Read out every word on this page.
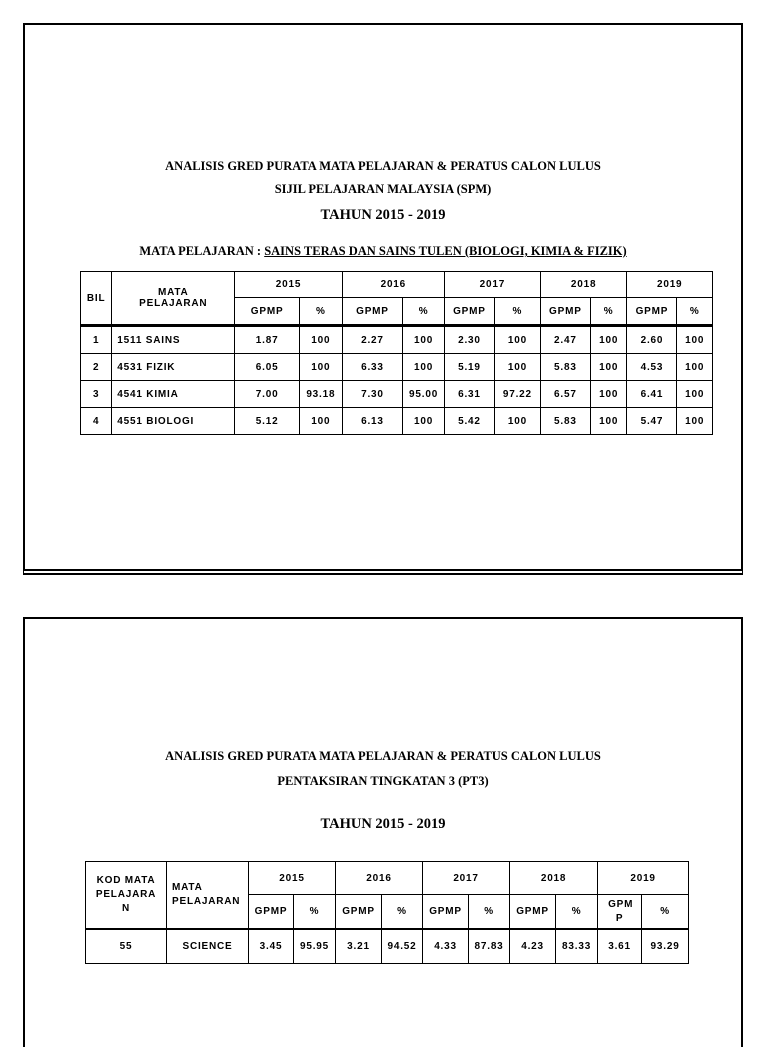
ANALISIS GRED PURATA MATA PELAJARAN & PERATUS CALON LULUS
SIJIL PELAJARAN MALAYSIA (SPM)
TAHUN 2015 - 2019
MATA PELAJARAN : SAINS TERAS DAN SAINS TULEN (BIOLOGI, KIMIA & FIZIK)
BIL	MATA PELAJARAN	2015		2016		2017		2018		2019	
		GPMP	%	GPMP	%	GPMP	%	GPMP	%	GPMP	%
1	1511 SAINS	1.87	100	2.27	100	2.30	100	2.47	100	2.60	100
2	4531 FIZIK	6.05	100	6.33	100	5.19	100	5.83	100	4.53	100
3	4541 KIMIA	7.00	93.18	7.30	95.00	6.31	97.22	6.57	100	6.41	100
4	4551 BIOLOGI	5.12	100	6.13	100	5.42	100	5.83	100	5.47	100
ANALISIS GRED PURATA MATA PELAJARAN & PERATUS CALON LULUS
PENTAKSIRAN TINGKATAN 3 (PT3)
TAHUN 2015 - 2019
KOD MATA PELAJARA N	MATA PELAJARAN	2015		2016		2017		2018		2019	
		GPMP	%	GPMP	%	GPMP	%	GPMP	%	GPM P	%
55	SCIENCE	3.45	95.95	3.21	94.52	4.33	87.83	4.23	83.33	3.61	93.29
